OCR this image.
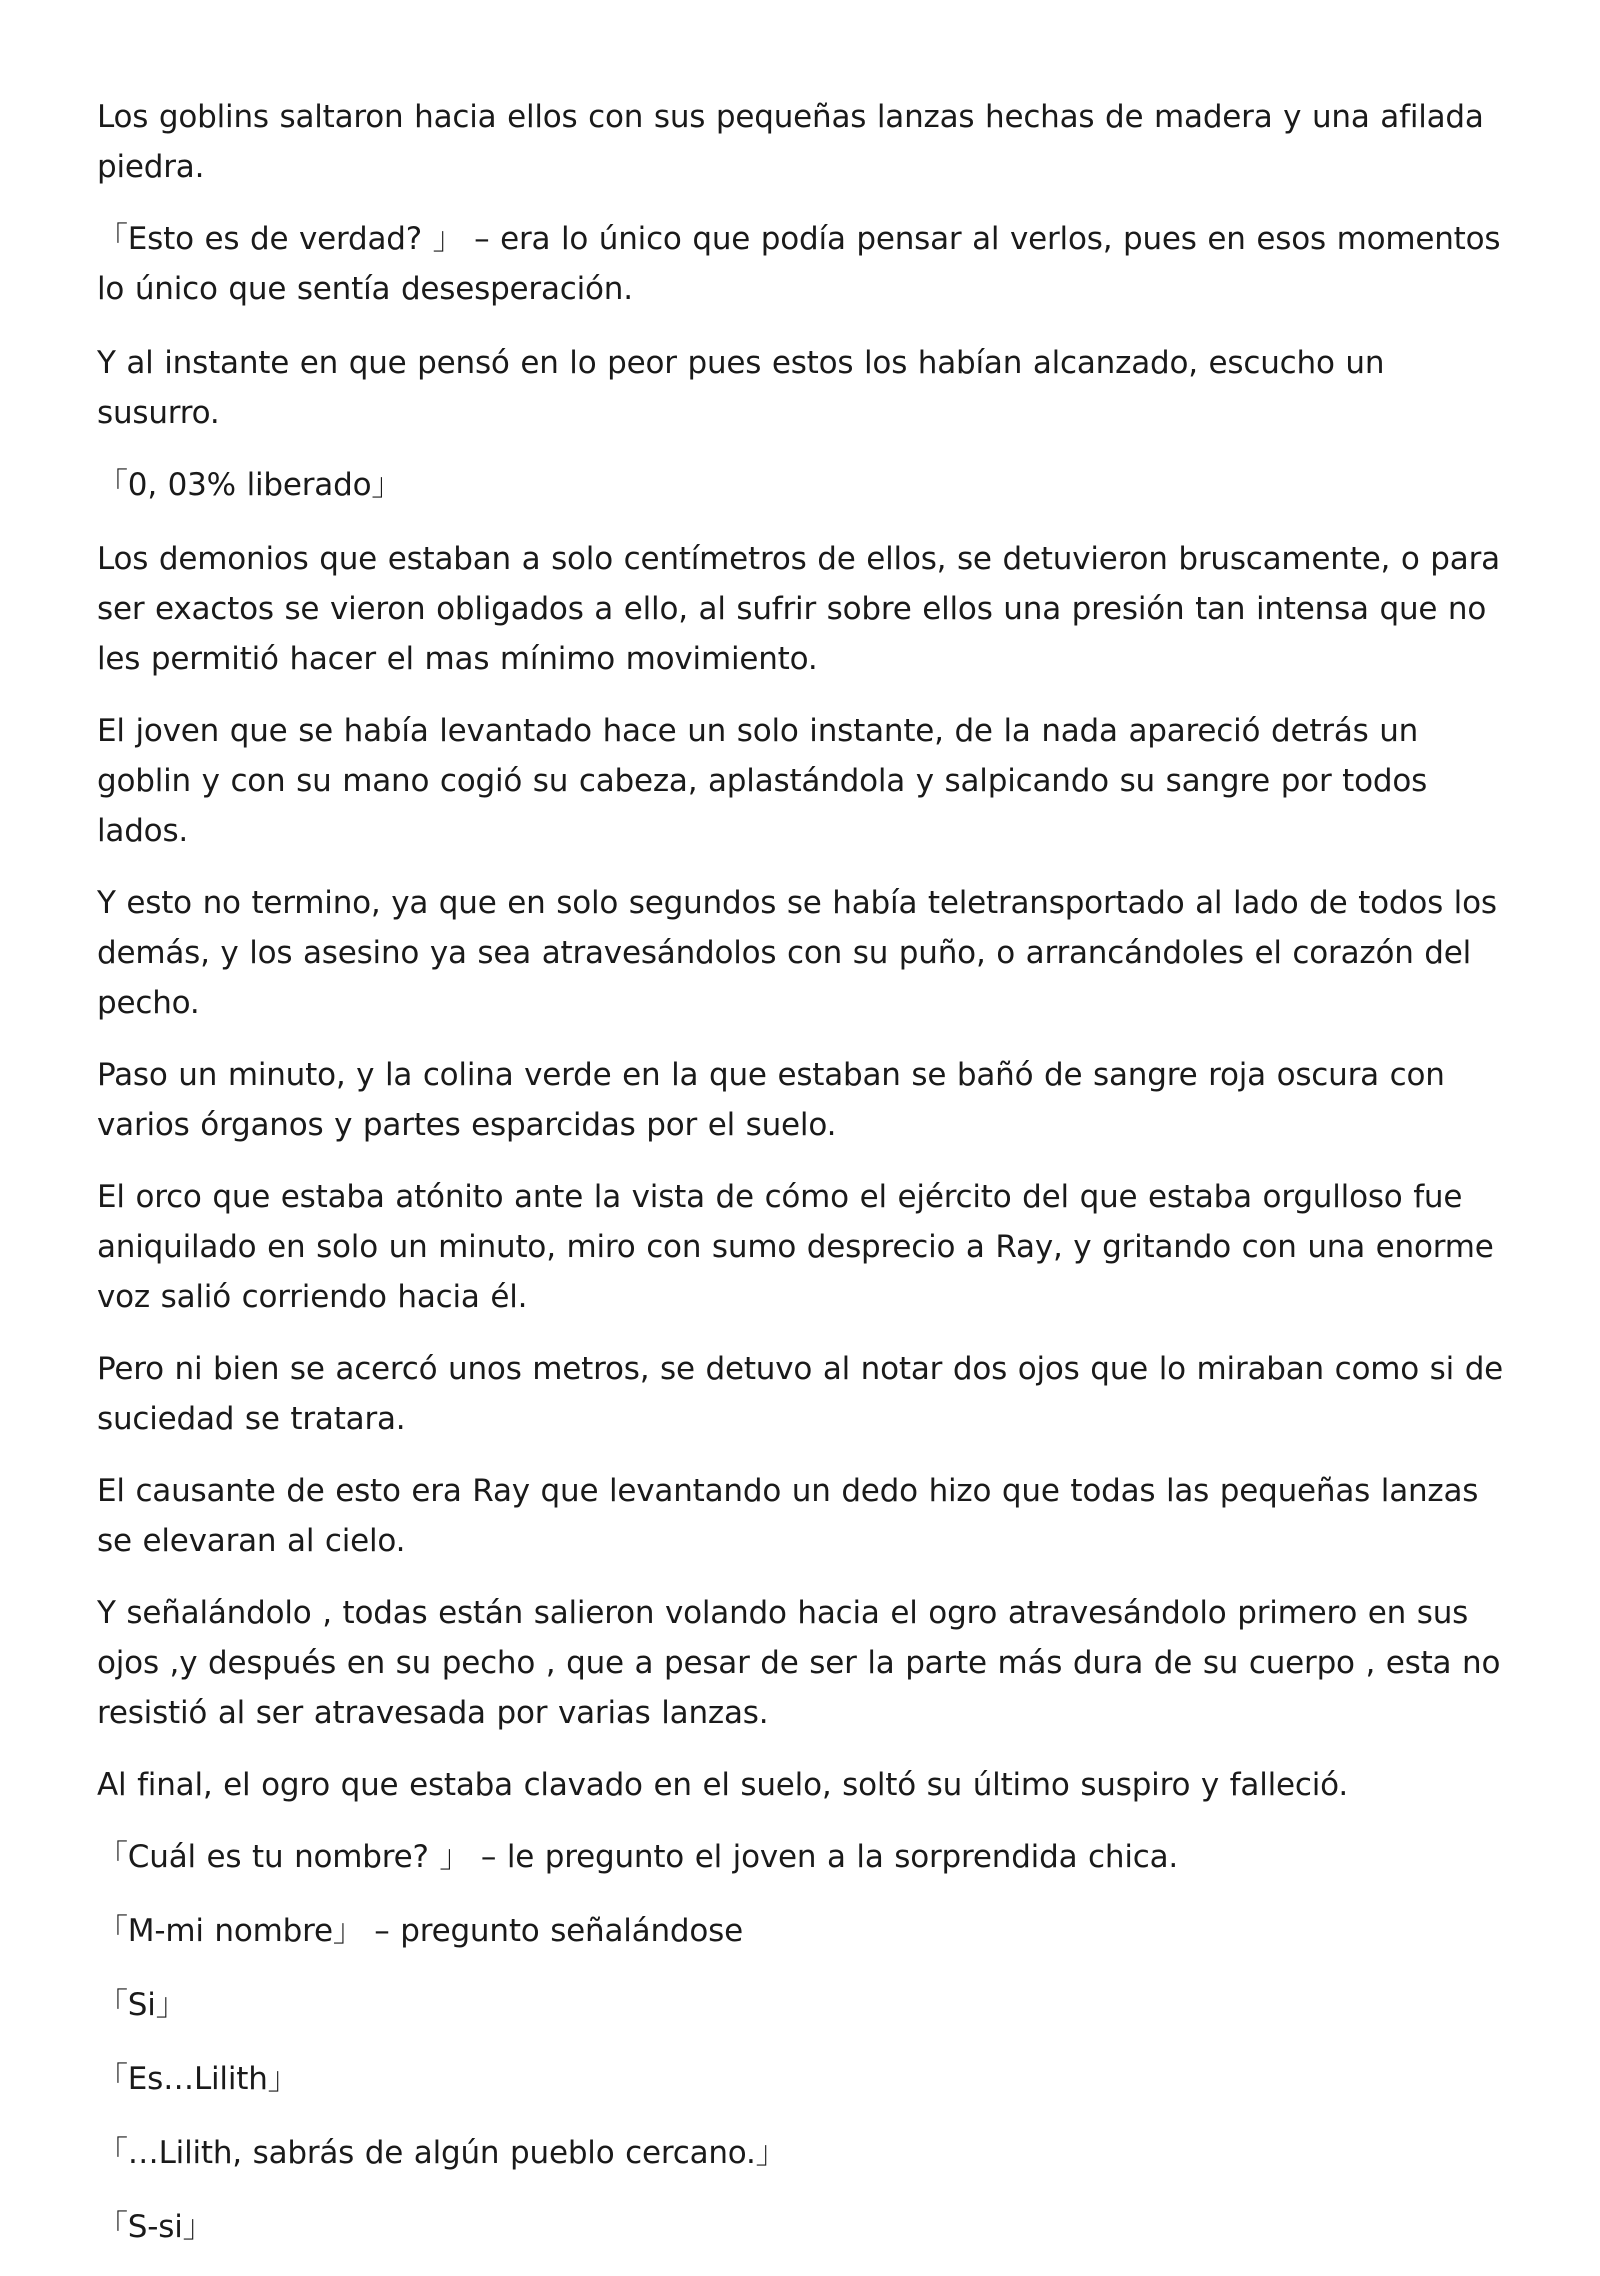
Los goblins saltaron hacia ellos con sus pequeñas lanzas hechas de madera y una afilada piedra.

「Esto es de verdad? 」 – era lo único que podía pensar al verlos, pues en esos momentos lo único que sentía desesperación.

Y al instante en que pensó en lo peor pues estos los habían alcanzado, escucho un susurro.

「0, 03% liberado」

Los demonios que estaban a solo centímetros de ellos, se detuvieron bruscamente, o para ser exactos se vieron obligados a ello, al sufrir sobre ellos una presión tan intensa que no les permitió hacer el mas mínimo movimiento.

El joven que se había levantado hace un solo instante, de la nada apareció detrás un goblin y con su mano cogió su cabeza, aplastándola y salpicando su sangre por todos lados.

Y esto no termino, ya que en solo segundos se había teletransportado al lado de todos los demás, y los asesino ya sea atravesándolos con su puño, o arrancándoles el corazón del pecho.

Paso un minuto, y la colina verde en la que estaban se bañó de sangre roja oscura con varios órganos y partes esparcidas por el suelo.

El orco que estaba atónito ante la vista de cómo el ejército del que estaba orgulloso fue aniquilado en solo un minuto, miro con sumo desprecio a Ray, y gritando con una enorme voz salió corriendo hacia él.

Pero ni bien se acercó unos metros, se detuvo al notar dos ojos que lo miraban como si de suciedad se tratara.

El causante de esto era Ray que levantando un dedo hizo que todas las pequeñas lanzas se elevaran al cielo.

Y señalándolo , todas están salieron volando hacia el ogro atravesándolo primero en sus ojos ,y después en su pecho , que a pesar de ser la parte más dura de su cuerpo , esta no resistió al ser atravesada por varias lanzas.

Al final, el ogro que estaba clavado en el suelo, soltó su último suspiro y falleció.

「Cuál es tu nombre? 」 – le pregunto el joven a la sorprendida chica.

「M-mi nombre」 – pregunto señalándose

「Si」

「Es…Lilith」

「…Lilith, sabrás de algún pueblo cercano.」

「S-si」
